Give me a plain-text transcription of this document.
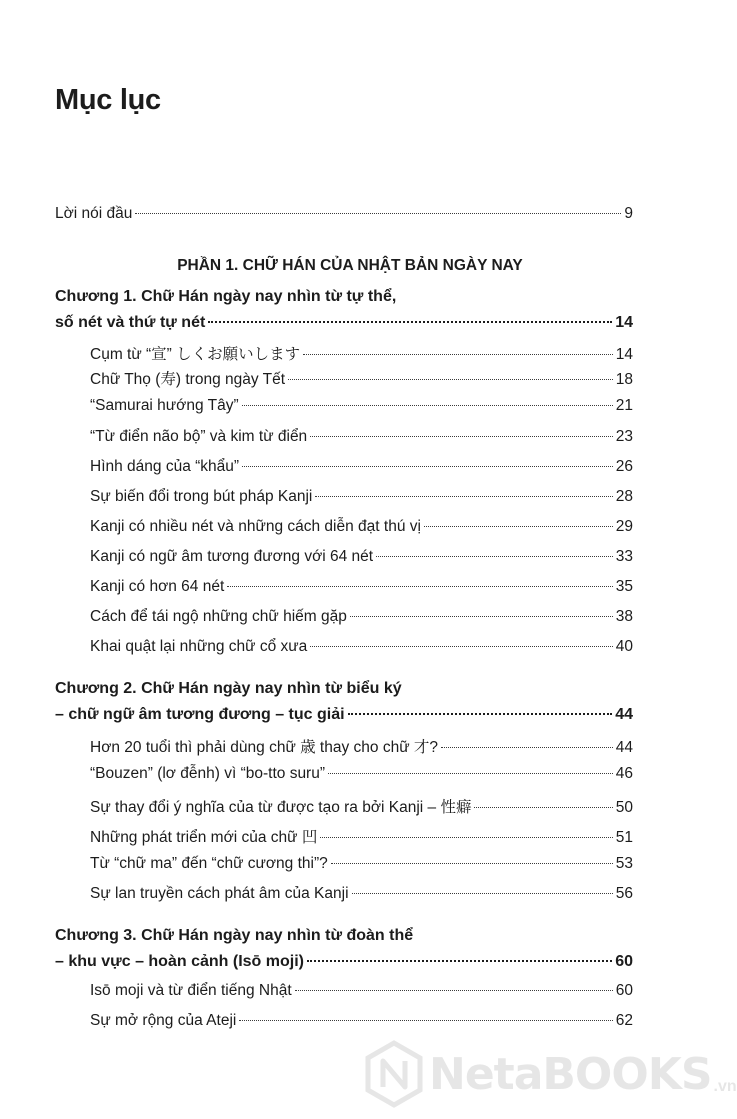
Mục lục
Lời nói đầu	9
PHẦN 1. CHỮ HÁN CỦA NHẬT BẢN NGÀY NAY
Chương 1. Chữ Hán ngày nay nhìn từ tự thể,
số nét và thứ tự nét	14
Cụm từ “宣” しくお願いします	14
Chữ Thọ (寿) trong ngày Tết	18
“Samurai hướng Tây”	21
“Từ điển não bộ” và kim từ điển	23
Hình dáng của “khẩu”	26
Sự biến đổi trong bút pháp Kanji	28
Kanji có nhiều nét và những cách diễn đạt thú vị	29
Kanji có ngữ âm tương đương với 64 nét	33
Kanji có hơn 64 nét	35
Cách để tái ngộ những chữ hiếm gặp	38
Khai quật lại những chữ cổ xưa	40
Chương 2. Chữ Hán ngày nay nhìn từ biểu ký
– chữ ngữ âm tương đương – tục giải	44
Hơn 20 tuổi thì phải dùng chữ 歳 thay cho chữ 才?	44
“Bouzen” (lơ đễnh) vì “bo-tto suru”	46
Sự thay đổi ý nghĩa của từ được tạo ra bởi Kanji – 性癖	50
Những phát triển mới của chữ 凹	51
Từ “chữ ma” đến “chữ cương thi”?	53
Sự lan truyền cách phát âm của Kanji	56
Chương 3. Chữ Hán ngày nay nhìn từ đoàn thể
– khu vực – hoàn cảnh (Isō moji)	60
Isō moji và từ điển tiếng Nhật	60
Sự mở rộng của Ateji	62
NetaBOOKS .vn
